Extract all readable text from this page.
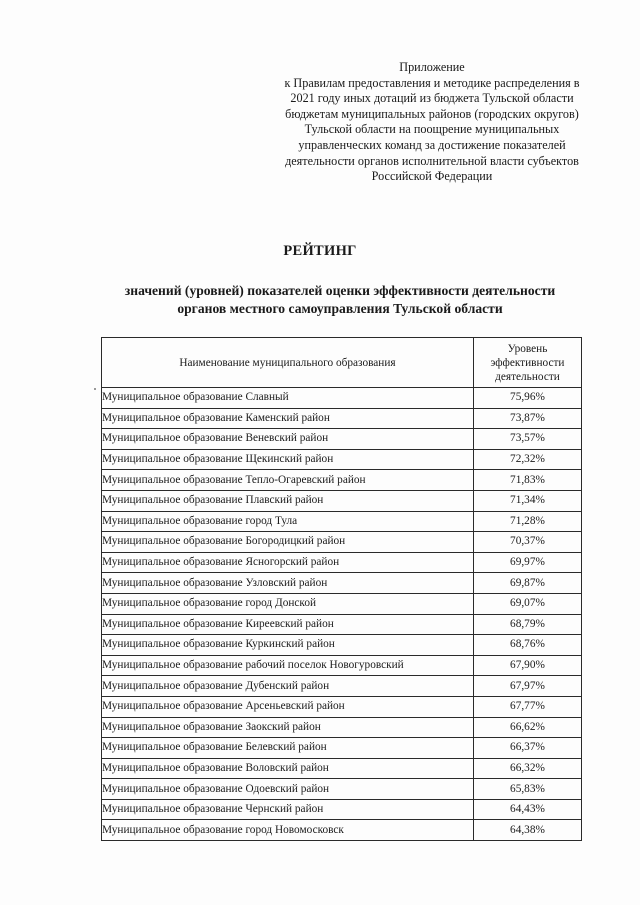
Приложение
к Правилам предоставления и методике распределения в
2021 году иных дотаций из бюджета Тульской области
бюджетам муниципальных районов (городских округов)
Тульской области на поощрение муниципальных
управленческих команд за достижение показателей
деятельности органов исполнительной власти субъектов
Российской Федерации
РЕЙТИНГ
значений (уровней) показателей оценки эффективности деятельности
органов местного самоуправления Тульской области
Наименование муниципального образования	Уровень
эффективности
деятельности

Муниципальное образование Славный	75,96%
Муниципальное образование Каменский район	73,87%
Муниципальное образование Веневский район	73,57%
Муниципальное образование Щекинский район	72,32%
Муниципальное образование Тепло-Огаревский район	71,83%
Муниципальное образование Плавский район	71,34%
Муниципальное образование город Тула	71,28%
Муниципальное образование Богородицкий район	70,37%
Муниципальное образование Ясногорский район	69,97%
Муниципальное образование Узловский район	69,87%
Муниципальное образование город Донской	69,07%
Муниципальное образование Киреевский район	68,79%
Муниципальное образование Куркинский район	68,76%
Муниципальное образование рабочий поселок Новогуровский	67,90%
Муниципальное образование Дубенский район	67,97%
Муниципальное образование Арсеньевский район	67,77%
Муниципальное образование Заокский район	66,62%
Муниципальное образование Белевский район	66,37%
Муниципальное образование Воловский район	66,32%
Муниципальное образование Одоевский район	65,83%
Муниципальное образование Чернский район	64,43%
Муниципальное образование город Новомосковск	64,38%
